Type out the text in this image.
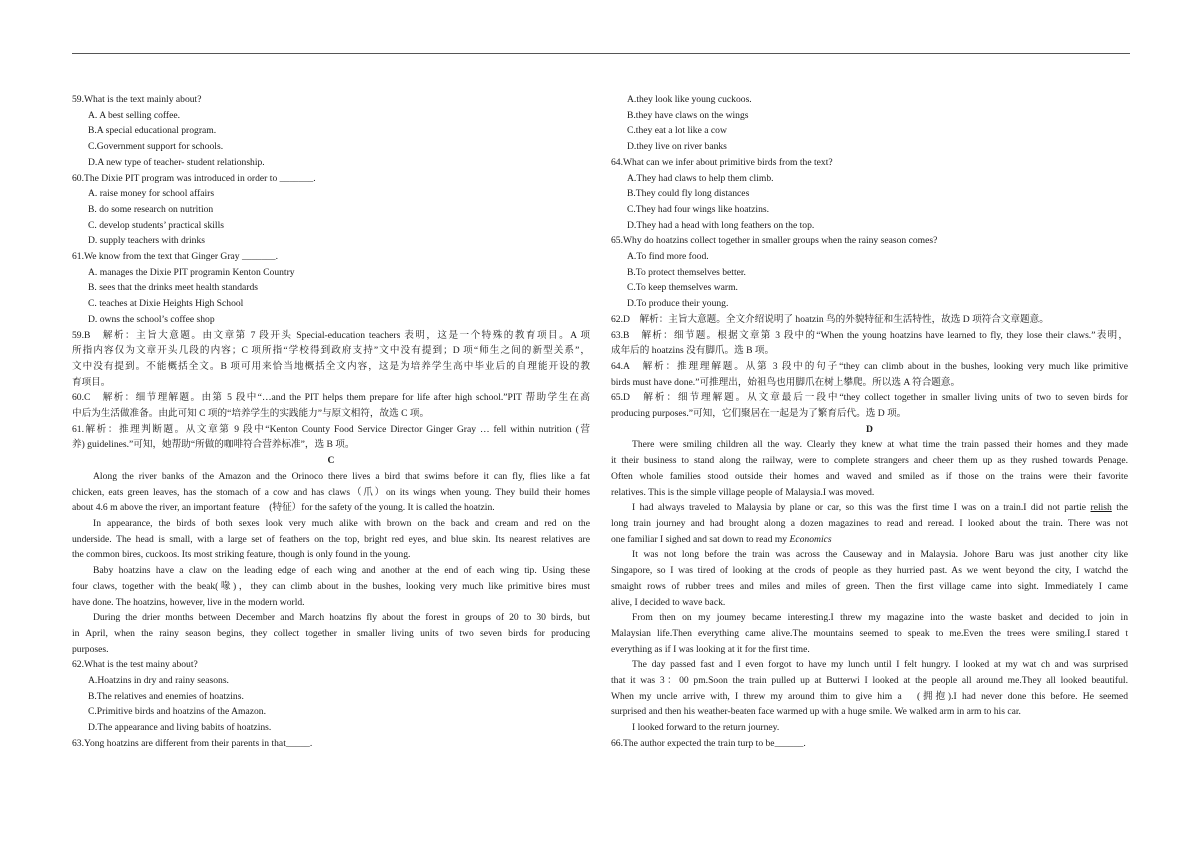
59.What is the text mainly about?
A. A best selling coffee.
B.A special educational program.
C.Government support for schools.
D.A new type of teacher- student relationship.
60.The Dixie PIT program was introduced in order to _______.
A. raise money for school affairs
B. do some research on nutrition
C. develop students’ practical skills
D. supply teachers with drinks
61.We know from the text that Ginger Gray _______.
A. manages the Dixie PIT programin Kenton Country
B. sees that the drinks meet health standards
C. teaches at Dixie Heights High School
D. owns the school’s coffee shop
59.B　解析：主旨大意题。由文章第 7 段开头 Special-education teachers 表明，这是一个特殊的教育项目。A 项
所指内容仅为文章开头几段的内容；C 项所指“学校得到政府支持”文中没有提到；D 项“师生之间的新型关系”，
文中没有提到。不能概括全文。B 项可用来恰当地概括全文内容，这是为培养学生高中毕业后的自理能开设的教
育项目。
60.C　解析：细节理解题。由第 5 段中“…and the PIT helps them prepare for life after high school.”PIT 帮助学生在高
中后为生活做准备。由此可知 C 项的“培养学生的实践能力”与原文相符，故选 C 项。
61.解析：推理判断题。从文章第 9 段中“Kenton County Food Service Director Ginger Gray … fell within nutrition (营
养) guidelines.”可知，她帮助“所做的咖啡符合营养标准”，选 B 项。
C
Along the river banks of the Amazon and the Orinoco there lives a bird that swims before it can fly, flies like a fat
chicken, eats green leaves, has the stomach of a cow and has claws（爪）on its wings when young. They build their homes
about 4.6 m above the river, an important feature　(特征）for the safety of the young. It is called the hoatzin.
In appearance, the birds of both sexes look very much alike with brown on the back and cream and red on the
underside. The head is small, with a large set of feathers on the top, bright red eyes, and blue skin. Its nearest relatives are
the common bires, cuckoos. Its most striking feature, though is only found in the young.
Baby hoatzins have a claw on the leading edge of each wing and another at the end of each wing tip. Using these
four claws, together with the beak(喙)，they can climb about in the bushes, looking very much like primitive bires must
have done. The hoatzins, however, live in the modern world.
During the drier months between December and March hoatzins fly about the forest in groups of 20 to 30 birds, but
in April, when the rainy season begins, they collect together in smaller living units of two seven birds for producing
purposes.
62.What is the test mainy about?
A.Hoatzins in dry and rainy seasons.
B.The relatives and enemies of hoatzins.
C.Primitive birds and hoatzins of the Amazon.
D.The appearance and living babits of hoatzins.
63.Yong hoatzins are different from their parents in that_____.
A.they look like young cuckoos.
B.they have claws on the wings
C.they eat a lot like a cow
D.they live on river banks
64.What can we infer about primitive birds from the text?
A.They had claws to help them climb.
B.They could fly long distances
C.They had four wings like hoatzins.
D.They had a head with long feathers on the top.
65.Why do hoatzins collect together in smaller groups when the rainy season comes?
A.To find more food.
B.To protect themselves better.
C.To keep themselves warm.
D.To produce their young.
62.D　解析：主旨大意题。全文介绍说明了 hoatzin 鸟的外貌特征和生活特性，故选 D 项符合文章题意。
63.B　解析：细节题。根据文章第 3 段中的“When the young hoatzins have learned to fly, they lose their claws.”表明，
成年后的 hoatzins 没有脚爪。选 B 项。
64.A　解析：推理理解题。从第 3 段中的句子“they can climb about in the bushes, looking very much like primitive
birds must have done.”可推理出，始祖鸟也用脚爪在树上攀爬。所以选 A 符合题意。
65.D　解析：细节理解题。从文章最后一段中“they collect together in smaller living units of two to seven birds for
producing purposes.”可知，它们聚居在一起是为了繁育后代。选 D 项。
D
There were smiling children all the way. Clearly they knew at what time the train passed their homes and they made
it their business to stand along the railway, were to complete strangers and cheer them up as they rushed towards Penage.
Often whole families stood outside their homes and waved and smiled as if those on the trains were their favorite
relatives. This is the simple village people of Malaysia.I was moved.
I had always traveled to Malaysia by plane or car, so this was the first time I was on a train.I did not partie relish the
long train journey and had brought along a dozen magazines to read and reread. I looked about the train. There was not
one familiar I sighed and sat down to read my Economics
It was not long before the train was across the Causeway and in Malaysia. Johore Baru was just another city like
Singapore, so I was tired of looking at the crods of people as they hurried past. As we went beyond the city, I watchd the
smaight rows of rubber trees and miles and miles of green. Then the first village came into sight. Immediately I came
alive, I decided to wave back.
From then on my joumey became interesting.I threw my magazine into the waste basket and decided to join in
Malaysian life.Then everything came alive.The mountains seemed to speak to me.Even the trees were smiling.I stared t
everything as if I was looking at it for the first time.
The day passed fast and I even forgot to have my lunch until I felt hungry. I looked at my wat ch and was surprised
that it was 3：00 pm.Soon the train pulled up at Butterwi I looked at the people all around me.They all looked beautiful.
When my uncle arrive with, I threw my around thim to give him a　(拥抱).I had never done this before. He seemed
surprised and then his weather-beaten face warmed up with a huge smile. We walked arm in arm to his car.
I looked forward to the return journey.
66.The author expected the train turp to be______.
